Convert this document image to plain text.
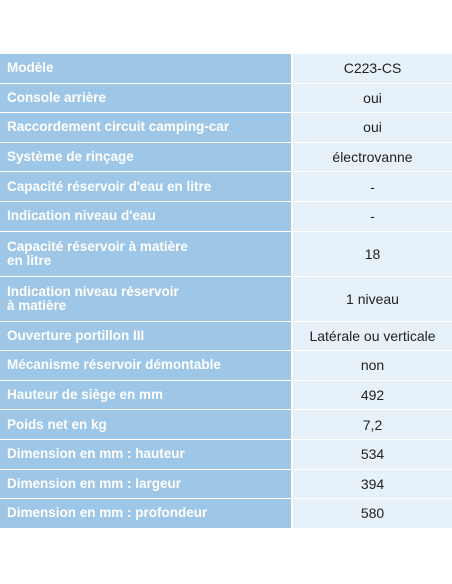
Modèle	C223-CS
Console arrière	oui
Raccordement circuit camping-car	oui
Système de rinçage	électrovanne
Capacité réservoir d'eau en litre	-
Indication niveau d'eau	-
Capacité réservoir à matière
en litre	18
Indication niveau réservoir
à matière	1 niveau
Ouverture portillon III	Latérale ou verticale
Mécanisme réservoir démontable	non
Hauteur de siège en mm	492
Poids net en kg	7,2
Dimension en mm : hauteur	534
Dimension en mm : largeur	394
Dimension en mm : profondeur	580
